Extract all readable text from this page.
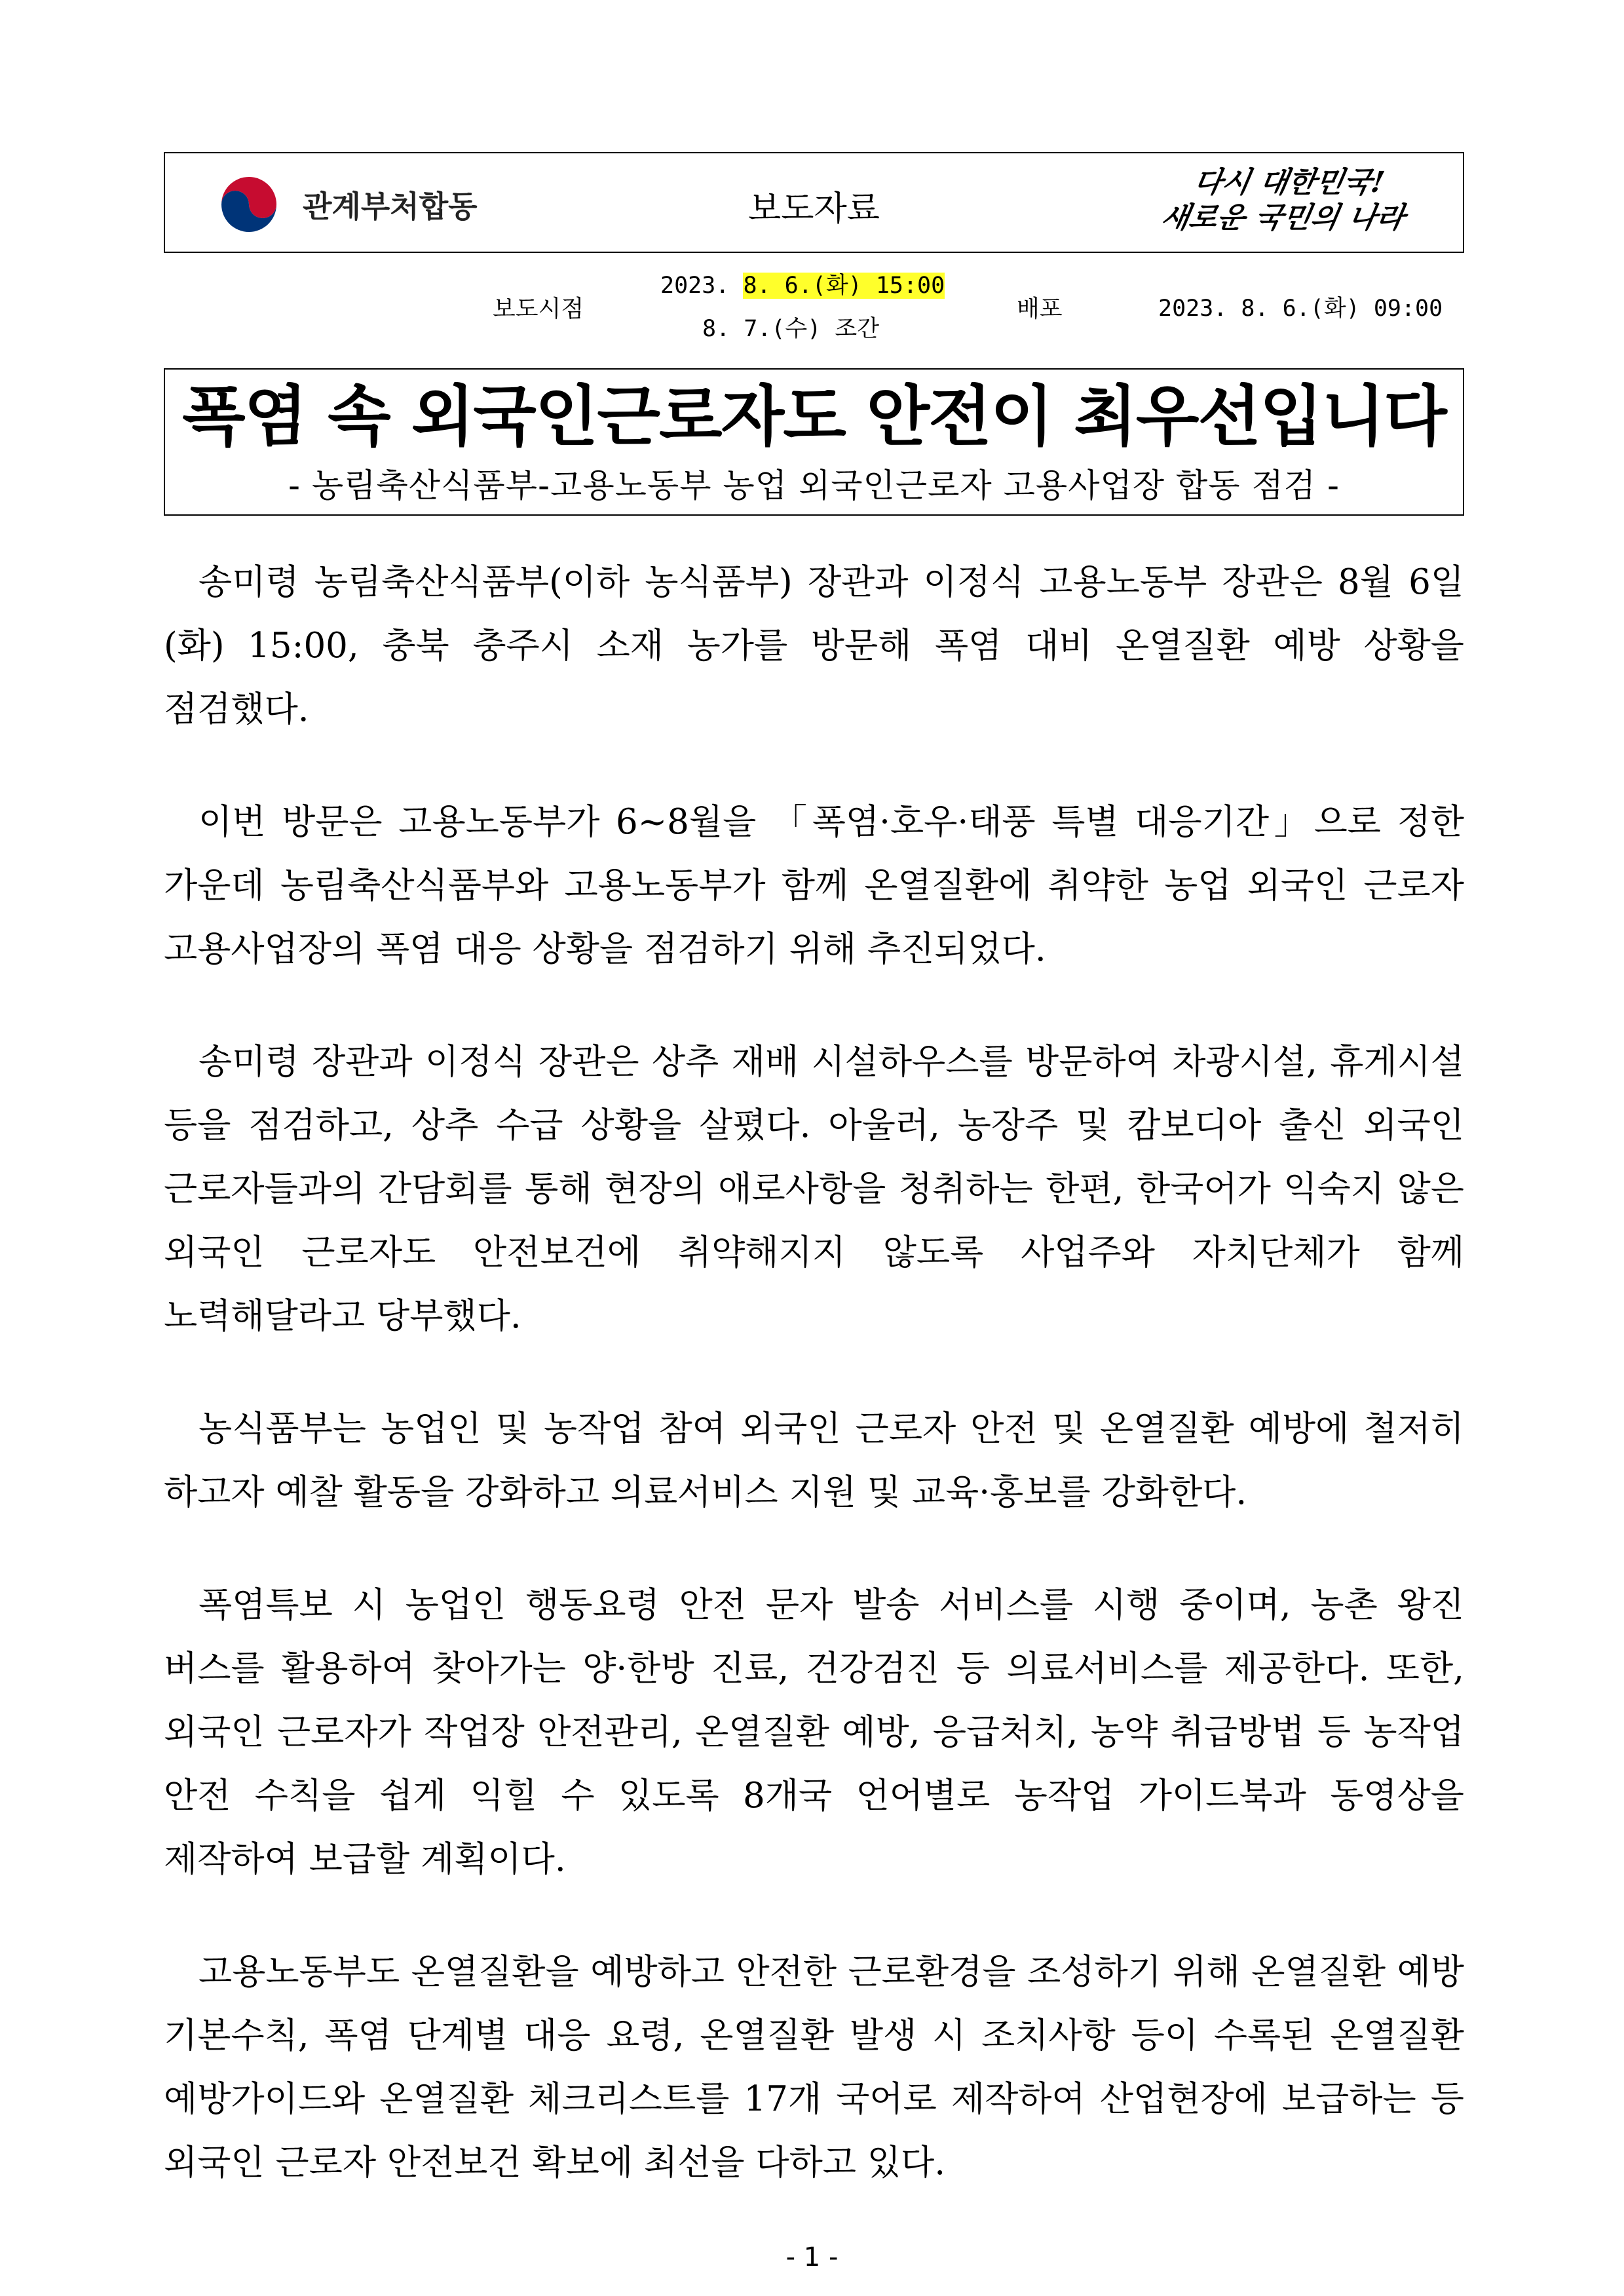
관계부처합동	보도자료
다시 대한민국!
새로운 국민의 나라
보도시점
2023. 8. 6.(화) 15:00
8. 7.(수) 조간
배포	2023. 8. 6.(화) 09:00
폭염 속 외국인근로자도 안전이 최우선입니다
- 농림축산식품부-고용노동부 농업 외국인근로자 고용사업장 합동 점검 -

송미령 농림축산식품부(이하 농식품부) 장관과 이정식 고용노동부 장관은 8월 6일(화) 15:00, 충북 충주시 소재 농가를 방문해 폭염 대비 온열질환 예방 상황을 점검했다.

이번 방문은 고용노동부가 6~8월을 「폭염·호우·태풍 특별 대응기간」으로 정한 가운데 농림축산식품부와 고용노동부가 함께 온열질환에 취약한 농업 외국인 근로자 고용사업장의 폭염 대응 상황을 점검하기 위해 추진되었다.

송미령 장관과 이정식 장관은 상추 재배 시설하우스를 방문하여 차광시설, 휴게시설 등을 점검하고, 상추 수급 상황을 살폈다. 아울러, 농장주 및 캄보디아 출신 외국인 근로자들과의 간담회를 통해 현장의 애로사항을 청취하는 한편, 한국어가 익숙지 않은 외국인 근로자도 안전보건에 취약해지지 않도록 사업주와 자치단체가 함께 노력해달라고 당부했다.

농식품부는 농업인 및 농작업 참여 외국인 근로자 안전 및 온열질환 예방에 철저히 하고자 예찰 활동을 강화하고 의료서비스 지원 및 교육·홍보를 강화한다.

폭염특보 시 농업인 행동요령 안전 문자 발송 서비스를 시행 중이며, 농촌 왕진 버스를 활용하여 찾아가는 양·한방 진료, 건강검진 등 의료서비스를 제공한다. 또한, 외국인 근로자가 작업장 안전관리, 온열질환 예방, 응급처치, 농약 취급방법 등 농작업 안전 수칙을 쉽게 익힐 수 있도록 8개국 언어별로 농작업 가이드북과 동영상을 제작하여 보급할 계획이다.

고용노동부도 온열질환을 예방하고 안전한 근로환경을 조성하기 위해 온열질환 예방 기본수칙, 폭염 단계별 대응 요령, 온열질환 발생 시 조치사항 등이 수록된 온열질환 예방가이드와 온열질환 체크리스트를 17개 국어로 제작하여 산업현장에 보급하는 등 외국인 근로자 안전보건 확보에 최선을 다하고 있다.

- 1 -
